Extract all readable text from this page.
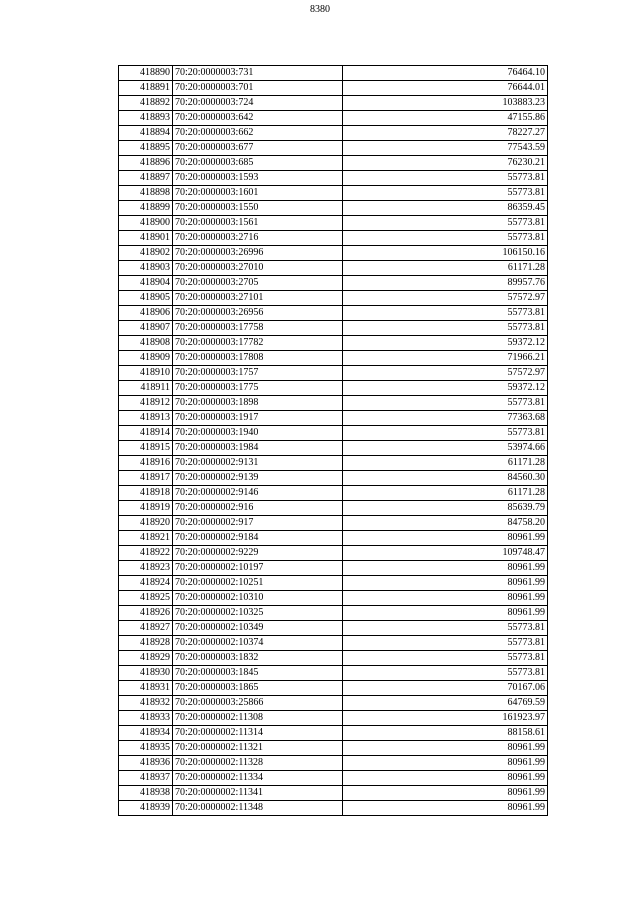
8380
418890	70:20:0000003:731	76464.10
418891	70:20:0000003:701	76644.01
418892	70:20:0000003:724	103883.23
418893	70:20:0000003:642	47155.86
418894	70:20:0000003:662	78227.27
418895	70:20:0000003:677	77543.59
418896	70:20:0000003:685	76230.21
418897	70:20:0000003:1593	55773.81
418898	70:20:0000003:1601	55773.81
418899	70:20:0000003:1550	86359.45
418900	70:20:0000003:1561	55773.81
418901	70:20:0000003:2716	55773.81
418902	70:20:0000003:26996	106150.16
418903	70:20:0000003:27010	61171.28
418904	70:20:0000003:2705	89957.76
418905	70:20:0000003:27101	57572.97
418906	70:20:0000003:26956	55773.81
418907	70:20:0000003:17758	55773.81
418908	70:20:0000003:17782	59372.12
418909	70:20:0000003:17808	71966.21
418910	70:20:0000003:1757	57572.97
418911	70:20:0000003:1775	59372.12
418912	70:20:0000003:1898	55773.81
418913	70:20:0000003:1917	77363.68
418914	70:20:0000003:1940	55773.81
418915	70:20:0000003:1984	53974.66
418916	70:20:0000002:9131	61171.28
418917	70:20:0000002:9139	84560.30
418918	70:20:0000002:9146	61171.28
418919	70:20:0000002:916	85639.79
418920	70:20:0000002:917	84758.20
418921	70:20:0000002:9184	80961.99
418922	70:20:0000002:9229	109748.47
418923	70:20:0000002:10197	80961.99
418924	70:20:0000002:10251	80961.99
418925	70:20:0000002:10310	80961.99
418926	70:20:0000002:10325	80961.99
418927	70:20:0000002:10349	55773.81
418928	70:20:0000002:10374	55773.81
418929	70:20:0000003:1832	55773.81
418930	70:20:0000003:1845	55773.81
418931	70:20:0000003:1865	70167.06
418932	70:20:0000003:25866	64769.59
418933	70:20:0000002:11308	161923.97
418934	70:20:0000002:11314	88158.61
418935	70:20:0000002:11321	80961.99
418936	70:20:0000002:11328	80961.99
418937	70:20:0000002:11334	80961.99
418938	70:20:0000002:11341	80961.99
418939	70:20:0000002:11348	80961.99
